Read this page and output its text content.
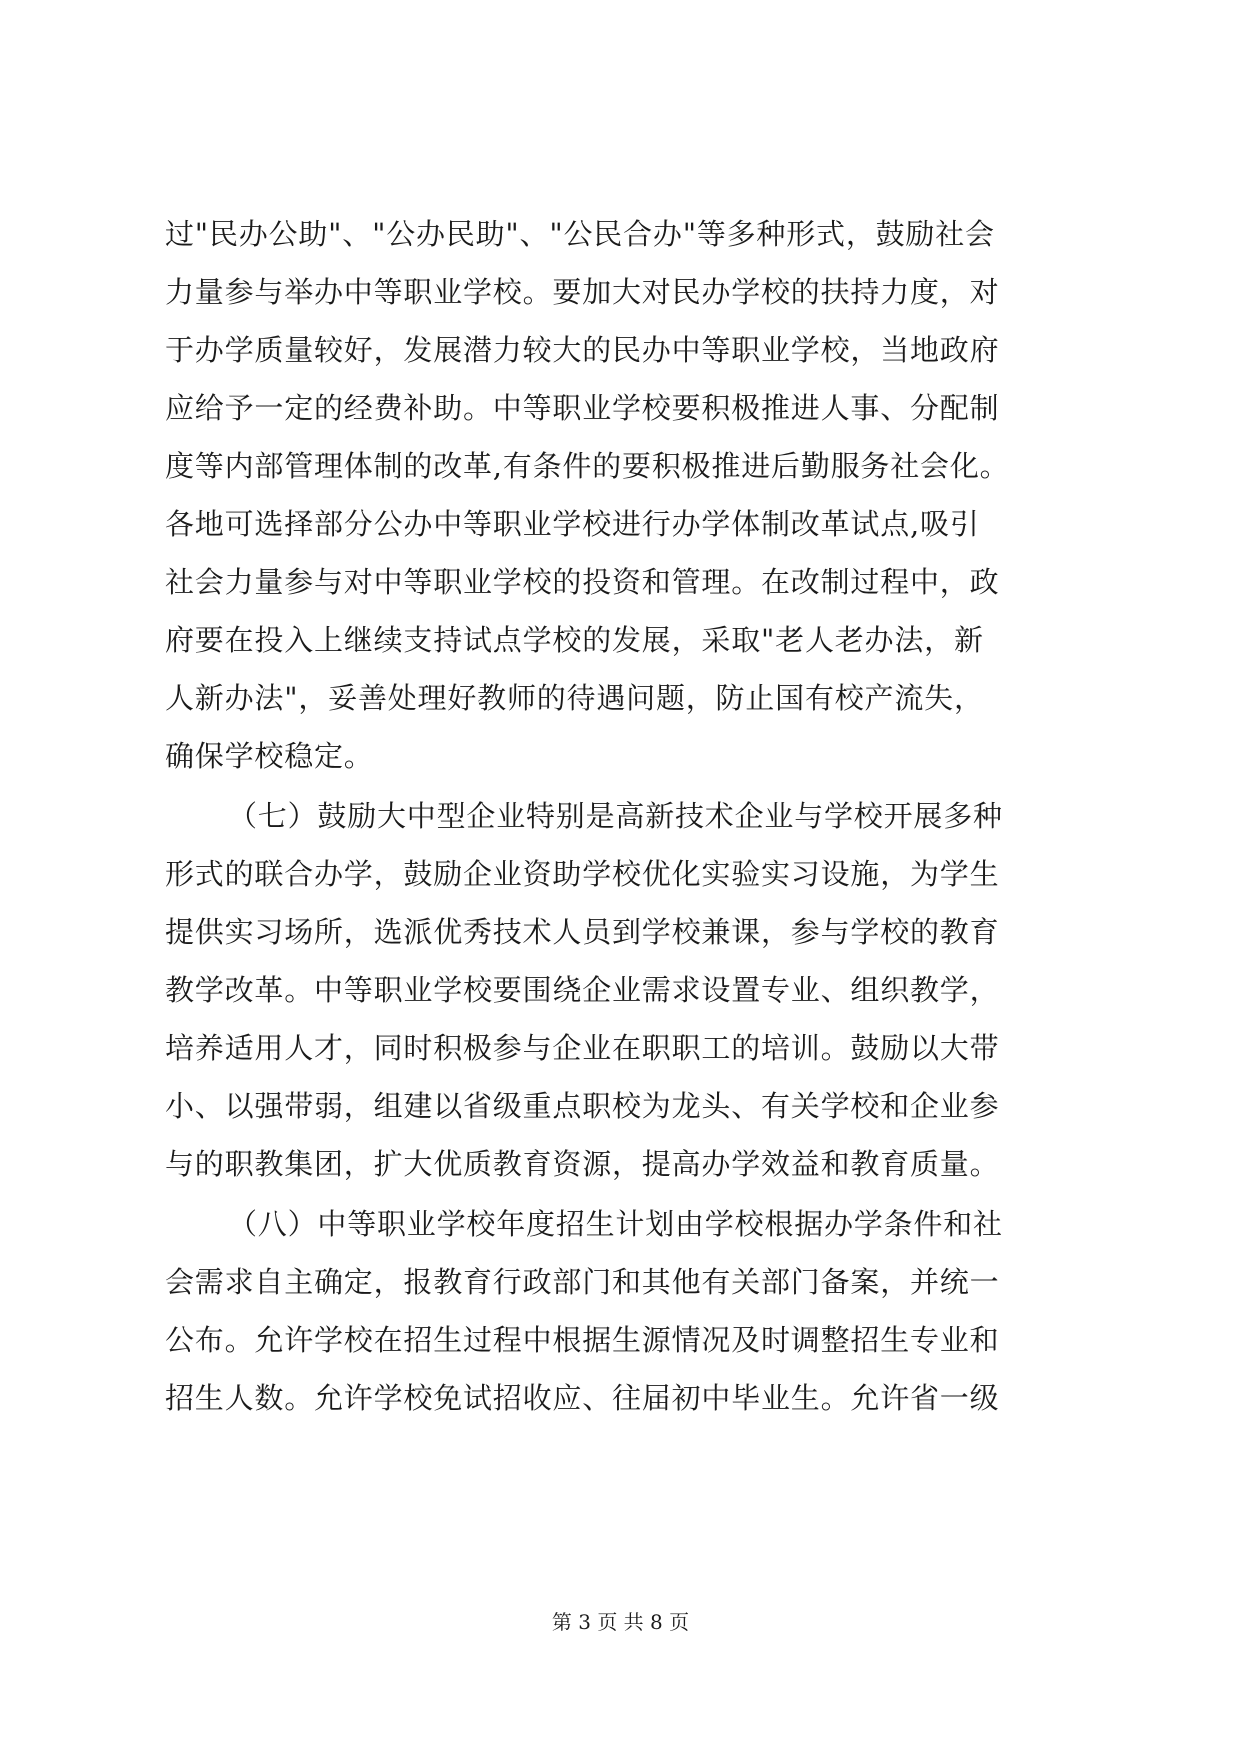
过"民办公助"、"公办民助"、"公民合办"等多种形式，鼓励社会
力量参与举办中等职业学校。要加大对民办学校的扶持力度，对
于办学质量较好，发展潜力较大的民办中等职业学校，当地政府
应给予一定的经费补助。中等职业学校要积极推进人事、分配制
度等内部管理体制的改革,有条件的要积极推进后勤服务社会化。
各地可选择部分公办中等职业学校进行办学体制改革试点,吸引
社会力量参与对中等职业学校的投资和管理。在改制过程中，政
府要在投入上继续支持试点学校的发展，采取"老人老办法，新
人新办法"，妥善处理好教师的待遇问题，防止国有校产流失，
确保学校稳定。
（七）鼓励大中型企业特别是高新技术企业与学校开展多种
形式的联合办学，鼓励企业资助学校优化实验实习设施，为学生
提供实习场所，选派优秀技术人员到学校兼课，参与学校的教育
教学改革。中等职业学校要围绕企业需求设置专业、组织教学，
培养适用人才，同时积极参与企业在职职工的培训。鼓励以大带
小、以强带弱，组建以省级重点职校为龙头、有关学校和企业参
与的职教集团，扩大优质教育资源，提高办学效益和教育质量。
（八）中等职业学校年度招生计划由学校根据办学条件和社
会需求自主确定，报教育行政部门和其他有关部门备案，并统一
公布。允许学校在招生过程中根据生源情况及时调整招生专业和
招生人数。允许学校免试招收应、往届初中毕业生。允许省一级
第 3 页 共 8 页
